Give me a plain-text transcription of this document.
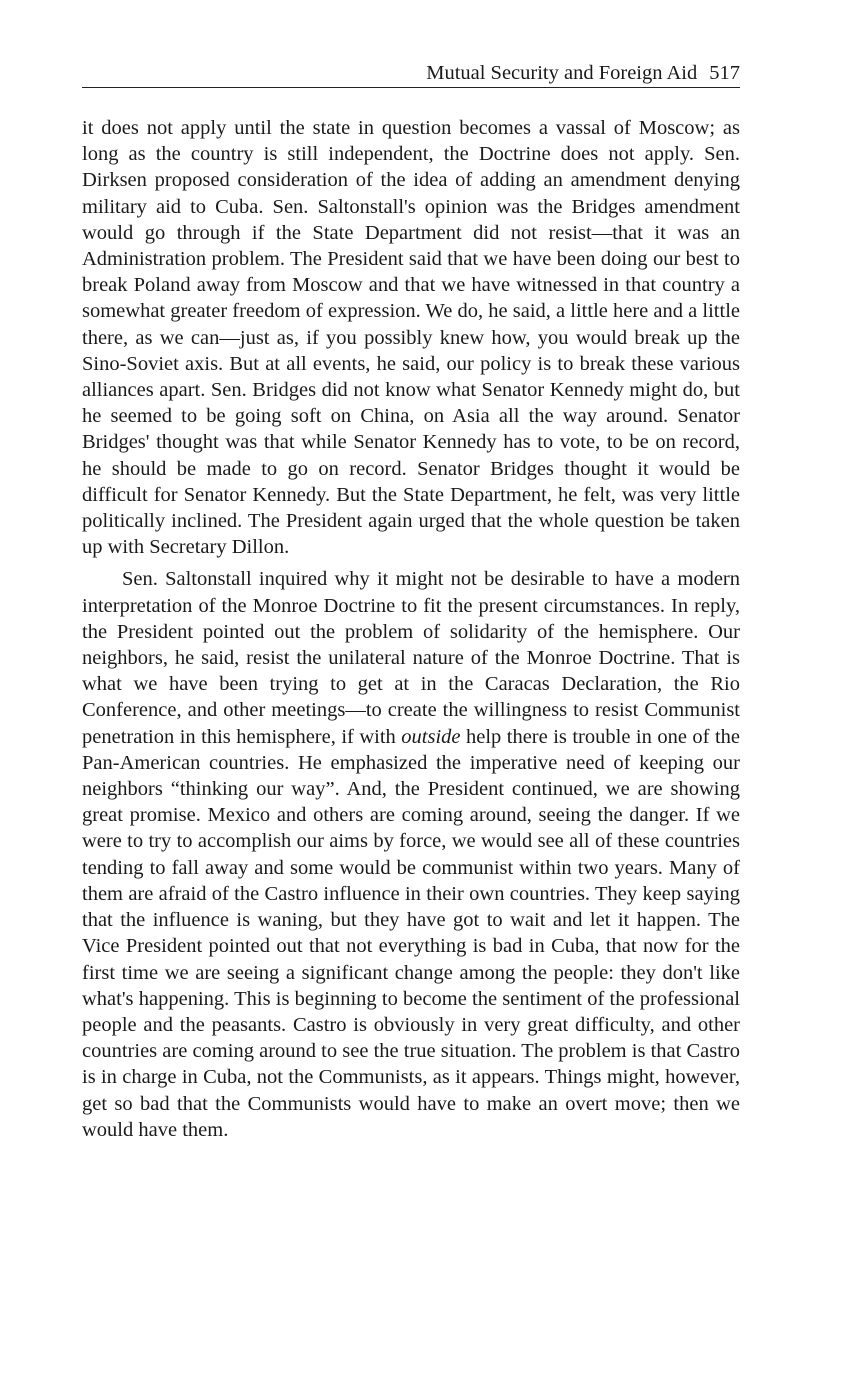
Mutual Security and Foreign Aid 517

it does not apply until the state in question becomes a vassal of Moscow; as long as the country is still independent, the Doctrine does not apply. Sen. Dirksen proposed consideration of the idea of adding an amendment denying military aid to Cuba. Sen. Saltonstall's opinion was the Bridges amendment would go through if the State Department did not resist—that it was an Administration problem. The President said that we have been doing our best to break Poland away from Moscow and that we have witnessed in that country a somewhat greater freedom of expression. We do, he said, a little here and a little there, as we can—just as, if you possibly knew how, you would break up the Sino-Soviet axis. But at all events, he said, our policy is to break these various alliances apart. Sen. Bridges did not know what Senator Kennedy might do, but he seemed to be going soft on China, on Asia all the way around. Senator Bridges' thought was that while Senator Kennedy has to vote, to be on record, he should be made to go on record. Senator Bridges thought it would be difficult for Senator Kennedy. But the State Department, he felt, was very little politically inclined. The President again urged that the whole question be taken up with Secretary Dillon.

Sen. Saltonstall inquired why it might not be desirable to have a modern interpretation of the Monroe Doctrine to fit the present circumstances. In reply, the President pointed out the problem of solidarity of the hemisphere. Our neighbors, he said, resist the unilateral nature of the Monroe Doctrine. That is what we have been trying to get at in the Caracas Declaration, the Rio Conference, and other meetings—to create the willingness to resist Communist penetration in this hemisphere, if with outside help there is trouble in one of the Pan-American countries. He emphasized the imperative need of keeping our neighbors “thinking our way”. And, the President continued, we are showing great promise. Mexico and others are coming around, seeing the danger. If we were to try to accomplish our aims by force, we would see all of these countries tending to fall away and some would be communist within two years. Many of them are afraid of the Castro influence in their own countries. They keep saying that the influence is waning, but they have got to wait and let it happen. The Vice President pointed out that not everything is bad in Cuba, that now for the first time we are seeing a significant change among the people: they don't like what's happening. This is beginning to become the sentiment of the professional people and the peasants. Castro is obviously in very great difficulty, and other countries are coming around to see the true situation. The problem is that Castro is in charge in Cuba, not the Communists, as it appears. Things might, however, get so bad that the Communists would have to make an overt move; then we would have them.
